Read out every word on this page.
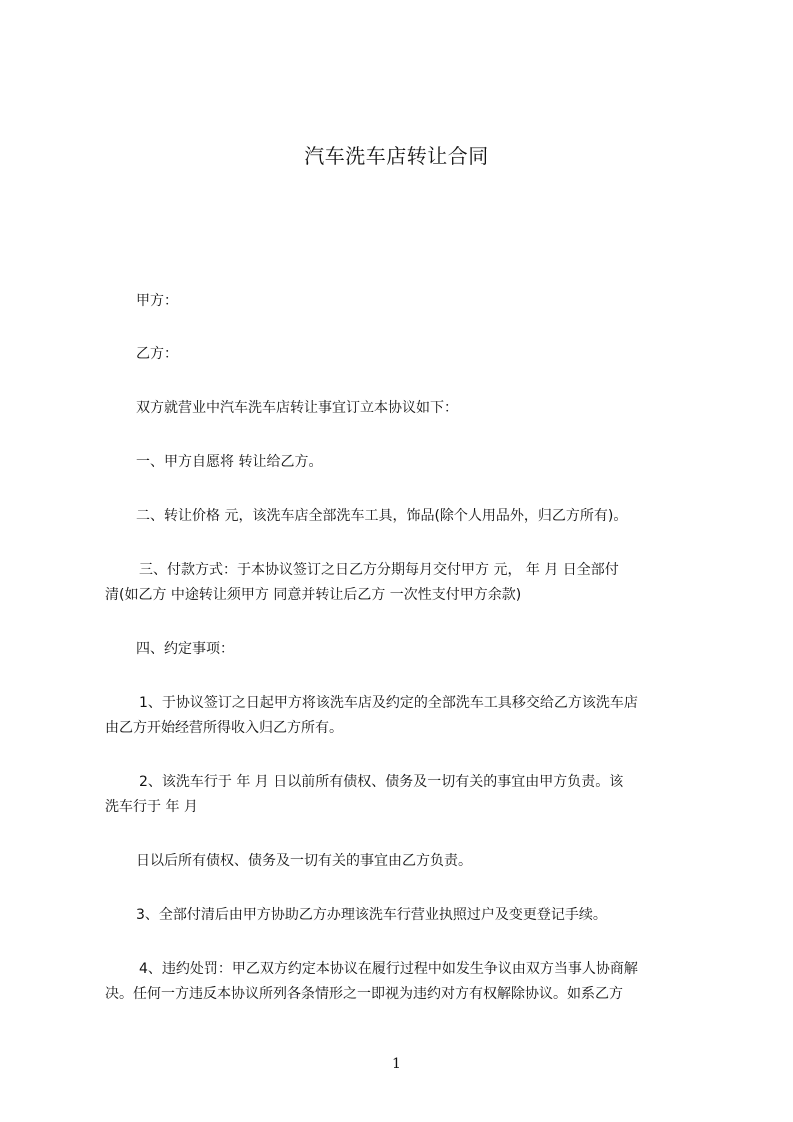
汽车洗车店转让合同
甲方：
乙方：
双方就营业中汽车洗车店转让事宜订立本协议如下：
一、甲方自愿将 转让给乙方。
二、转让价格 元，该洗车店全部洗车工具，饰品(除个人用品外，归乙方所有)。
三、付款方式：于本协议签订之日乙方分期每月交付甲方 元， 年 月 日全部付
清(如乙方 中途转让须甲方 同意并转让后乙方 一次性支付甲方余款)
四、约定事项：
1、于协议签订之日起甲方将该洗车店及约定的全部洗车工具移交给乙方该洗车店
由乙方开始经营所得收入归乙方所有。
2、该洗车行于 年 月 日以前所有债权、债务及一切有关的事宜由甲方负责。该
洗车行于 年 月
日以后所有债权、债务及一切有关的事宜由乙方负责。
3、全部付清后由甲方协助乙方办理该洗车行营业执照过户及变更登记手续。
4、违约处罚：甲乙双方约定本协议在履行过程中如发生争议由双方当事人协商解
决。任何一方违反本协议所列各条情形之一即视为违约对方有权解除协议。如系乙方
1
